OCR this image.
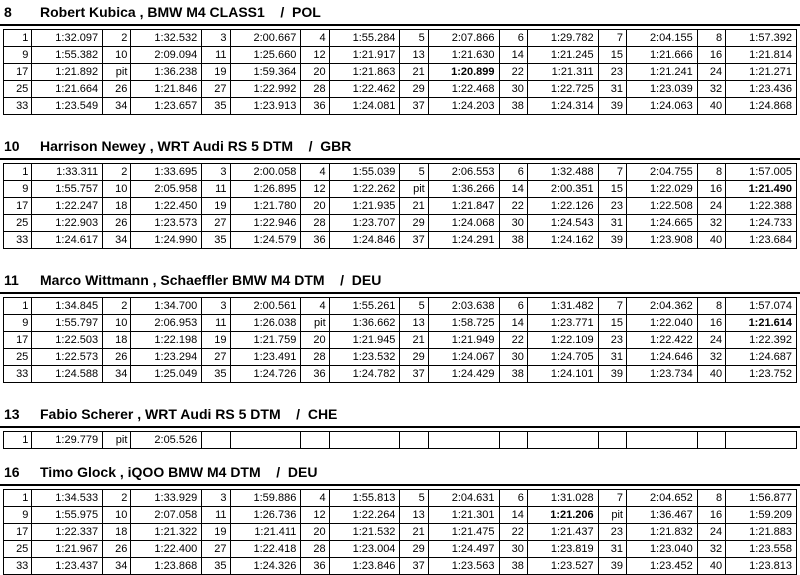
8 Robert Kubica , BMW M4 CLASS1    /  POL
1	1:32.097	2	1:32.532	3	2:00.667	4	1:55.284	5	2:07.866	6	1:29.782	7	2:04.155	8	1:57.392
9	1:55.382	10	2:09.094	11	1:25.660	12	1:21.917	13	1:21.630	14	1:21.245	15	1:21.666	16	1:21.814
17	1:21.892	pit	1:36.238	19	1:59.364	20	1:21.863	21	1:20.899	22	1:21.311	23	1:21.241	24	1:21.271
25	1:21.664	26	1:21.846	27	1:22.992	28	1:22.462	29	1:22.468	30	1:22.725	31	1:23.039	32	1:23.436
33	1:23.549	34	1:23.657	35	1:23.913	36	1:24.081	37	1:24.203	38	1:24.314	39	1:24.063	40	1:24.868
10 Harrison Newey , WRT Audi RS 5 DTM    /  GBR
1	1:33.311	2	1:33.695	3	2:00.058	4	1:55.039	5	2:06.553	6	1:32.488	7	2:04.755	8	1:57.005
9	1:55.757	10	2:05.958	11	1:26.895	12	1:22.262	pit	1:36.266	14	2:00.351	15	1:22.029	16	1:21.490
17	1:22.247	18	1:22.450	19	1:21.780	20	1:21.935	21	1:21.847	22	1:22.126	23	1:22.508	24	1:22.388
25	1:22.903	26	1:23.573	27	1:22.946	28	1:23.707	29	1:24.068	30	1:24.543	31	1:24.665	32	1:24.733
33	1:24.617	34	1:24.990	35	1:24.579	36	1:24.846	37	1:24.291	38	1:24.162	39	1:23.908	40	1:23.684
11 Marco Wittmann , Schaeffler BMW M4 DTM    /  DEU
1	1:34.845	2	1:34.700	3	2:00.561	4	1:55.261	5	2:03.638	6	1:31.482	7	2:04.362	8	1:57.074
9	1:55.797	10	2:06.953	11	1:26.038	pit	1:36.662	13	1:58.725	14	1:23.771	15	1:22.040	16	1:21.614
17	1:22.503	18	1:22.198	19	1:21.759	20	1:21.945	21	1:21.949	22	1:22.109	23	1:22.422	24	1:22.392
25	1:22.573	26	1:23.294	27	1:23.491	28	1:23.532	29	1:24.067	30	1:24.705	31	1:24.646	32	1:24.687
33	1:24.588	34	1:25.049	35	1:24.726	36	1:24.782	37	1:24.429	38	1:24.101	39	1:23.734	40	1:23.752
13 Fabio Scherer , WRT Audi RS 5 DTM    /  CHE
1	1:29.779	pit	2:05.526												
16 Timo Glock , iQOO BMW M4 DTM    /  DEU
1	1:34.533	2	1:33.929	3	1:59.886	4	1:55.813	5	2:04.631	6	1:31.028	7	2:04.652	8	1:56.877
9	1:55.975	10	2:07.058	11	1:26.736	12	1:22.264	13	1:21.301	14	1:21.206	pit	1:36.467	16	1:59.209
17	1:22.337	18	1:21.322	19	1:21.411	20	1:21.532	21	1:21.475	22	1:21.437	23	1:21.832	24	1:21.883
25	1:21.967	26	1:22.400	27	1:22.418	28	1:23.004	29	1:24.497	30	1:23.819	31	1:23.040	32	1:23.558
33	1:23.437	34	1:23.868	35	1:24.326	36	1:23.846	37	1:23.563	38	1:23.527	39	1:23.452	40	1:23.813
